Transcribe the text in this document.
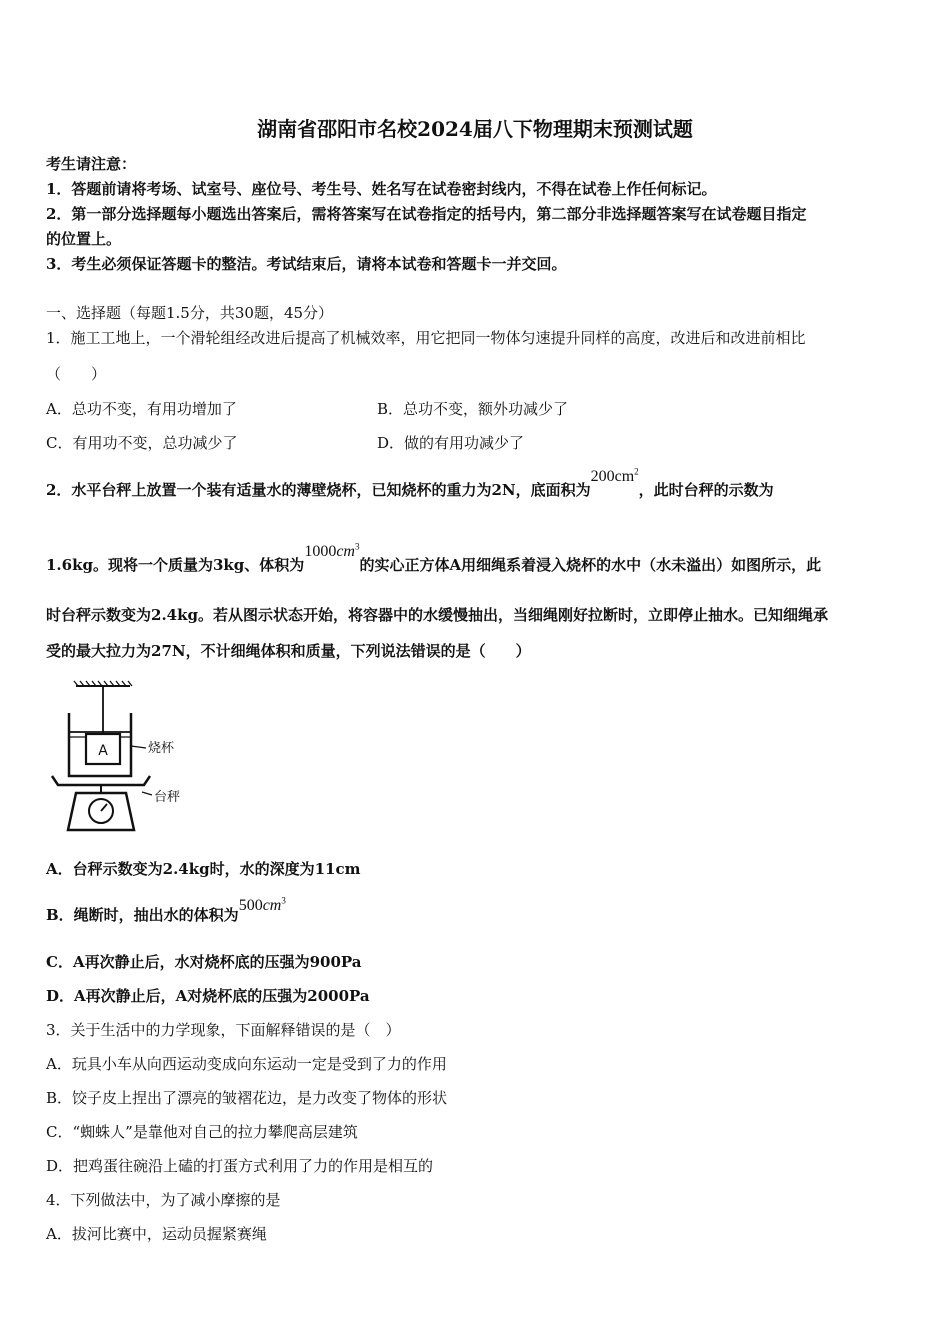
湖南省邵阳市名校2024届八下物理期末预测试题
考生请注意：
1．答题前请将考场、试室号、座位号、考生号、姓名写在试卷密封线内，不得在试卷上作任何标记。
2．第一部分选择题每小题选出答案后，需将答案写在试卷指定的括号内，第二部分非选择题答案写在试卷题目指定
的位置上。
3．考生必须保证答题卡的整洁。考试结束后，请将本试卷和答题卡一并交回。
一、选择题（每题1.5分，共30题，45分）
1．施工工地上，一个滑轮组经改进后提高了机械效率，用它把同一物体匀速提升同样的高度，改进后和改进前相比
（　　）
A．总功不变，有用功增加了	B．总功不变，额外功减少了
C．有用功不变，总功减少了	D．做的有用功减少了
2．水平台秤上放置一个装有适量水的薄壁烧杯，已知烧杯的重力为2N，底面积为$200cm^2$，此时台秤的示数为
1.6kg。现将一个质量为3kg、体积为$1000cm^3$的实心正方体A用细绳系着浸入烧杯的水中（水未溢出）如图所示，此
时台秤示数变为2.4kg。若从图示状态开始，将容器中的水缓慢抽出，当细绳刚好拉断时，立即停止抽水。已知细绳承
受的最大拉力为27N，不计细绳体积和质量，下列说法错误的是（　　）
A	烧杯
台秤
A．台秤示数变为2.4kg时，水的深度为11cm
B．绳断时，抽出水的体积为$500cm^3$
C．A再次静止后，水对烧杯底的压强为900Pa
D．A再次静止后，A对烧杯底的压强为2000Pa
3．关于生活中的力学现象，下面解释错误的是（　）
A．玩具小车从向西运动变成向东运动一定是受到了力的作用
B．饺子皮上捏出了漂亮的皱褶花边，是力改变了物体的形状
C．“蜘蛛人”是靠他对自己的拉力攀爬高层建筑
D．把鸡蛋往碗沿上磕的打蛋方式利用了力的作用是相互的
4．下列做法中，为了减小摩擦的是
A．拔河比赛中，运动员握紧赛绳
